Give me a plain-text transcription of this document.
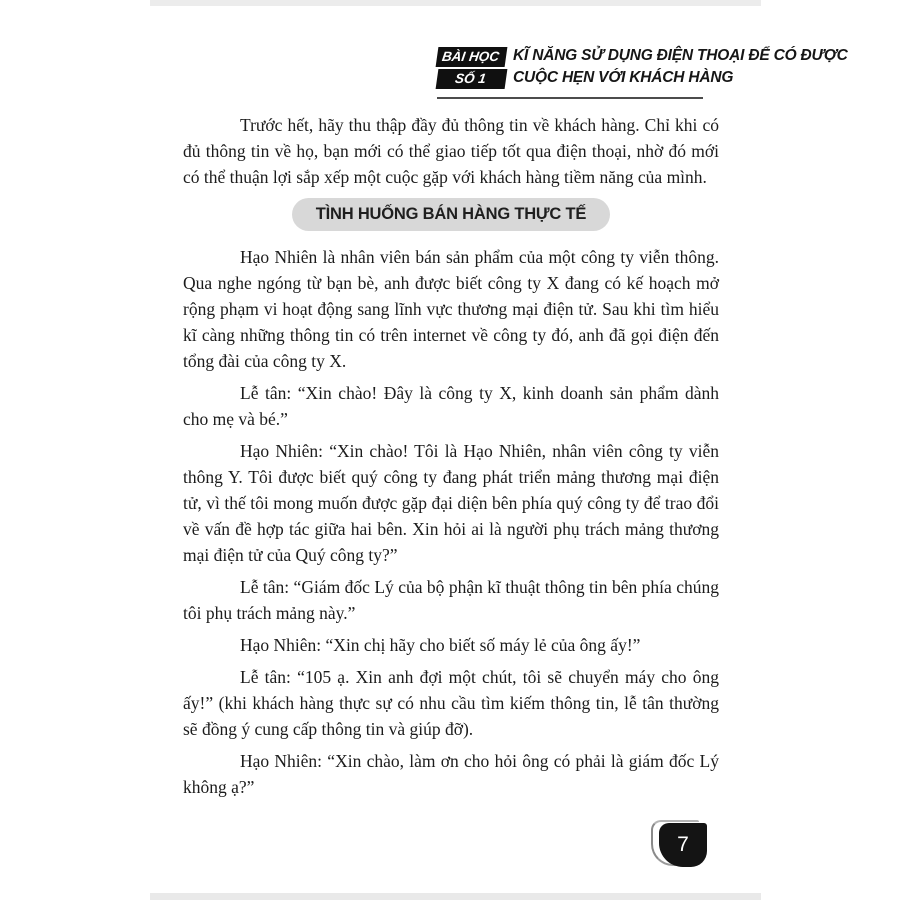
BÀI HỌC
SỐ 1
KĨ NĂNG SỬ DỤNG ĐIỆN THOẠI ĐỂ CÓ ĐƯỢC
CUỘC HẸN VỚI KHÁCH HÀNG

Trước hết, hãy thu thập đầy đủ thông tin về khách hàng. Chỉ khi có đủ thông tin về họ, bạn mới có thể giao tiếp tốt qua điện thoại, nhờ đó mới có thể thuận lợi sắp xếp một cuộc gặp với khách hàng tiềm năng của mình.

TÌNH HUỐNG BÁN HÀNG THỰC TẾ

Hạo Nhiên là nhân viên bán sản phẩm của một công ty viễn thông. Qua nghe ngóng từ bạn bè, anh được biết công ty X đang có kế hoạch mở rộng phạm vi hoạt động sang lĩnh vực thương mại điện tử. Sau khi tìm hiểu kĩ càng những thông tin có trên internet về công ty đó, anh đã gọi điện đến tổng đài của công ty X.

Lễ tân: “Xin chào! Đây là công ty X, kinh doanh sản phẩm dành cho mẹ và bé.”

Hạo Nhiên: “Xin chào! Tôi là Hạo Nhiên, nhân viên công ty viễn thông Y. Tôi được biết quý công ty đang phát triển mảng thương mại điện tử, vì thế tôi mong muốn được gặp đại diện bên phía quý công ty để trao đổi về vấn đề hợp tác giữa hai bên. Xin hỏi ai là người phụ trách mảng thương mại điện tử của Quý công ty?”

Lễ tân: “Giám đốc Lý của bộ phận kĩ thuật thông tin bên phía chúng tôi phụ trách mảng này.”

Hạo Nhiên: “Xin chị hãy cho biết số máy lẻ của ông ấy!”

Lễ tân: “105 ạ. Xin anh đợi một chút, tôi sẽ chuyển máy cho ông ấy!” (khi khách hàng thực sự có nhu cầu tìm kiếm thông tin, lễ tân thường sẽ đồng ý cung cấp thông tin và giúp đỡ).

Hạo Nhiên: “Xin chào, làm ơn cho hỏi ông có phải là giám đốc Lý không ạ?”

7
